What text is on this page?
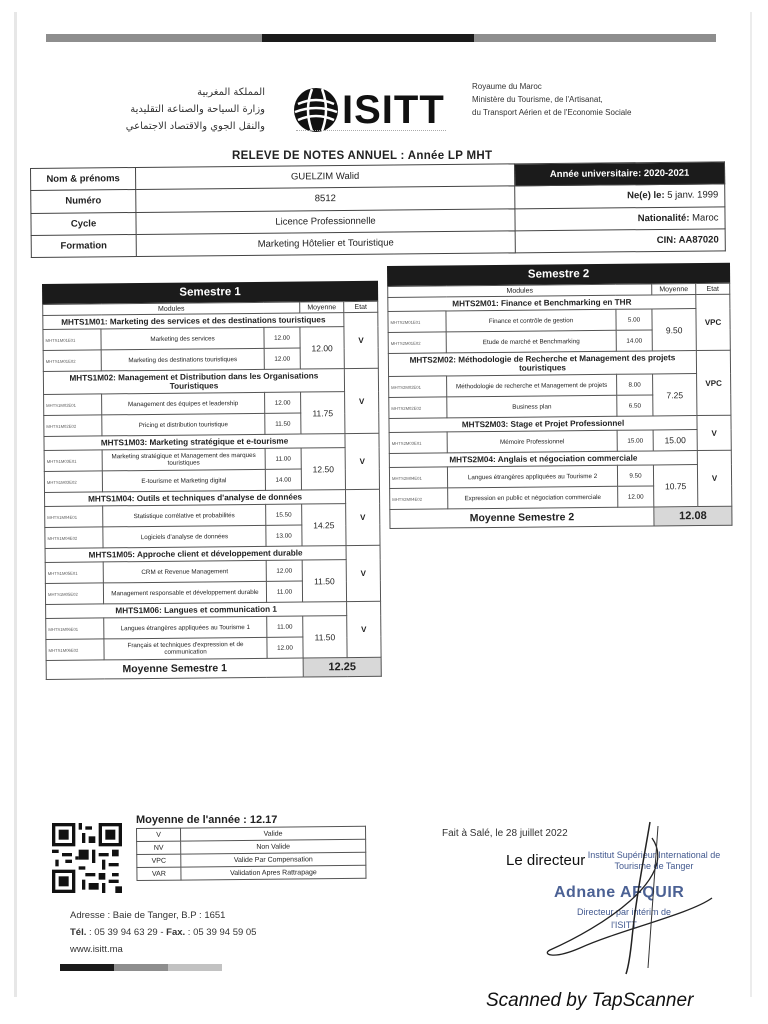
المملكة المغربية
وزارة السياحة والصناعة التقليدية
والنقل الجوي والاقتصاد الاجتماعي ISITT
Royaume du Maroc
Ministère du Tourisme, de l'Artisanat,
du Transport Aérien et de l'Economie Sociale
RELEVE DE NOTES ANNUEL : Année LP MHT
Nom & prénoms	GUELZIM Walid	Année universitaire: 2020-2021
Numéro	8512	Ne(e) le: 5 janv. 1999
Cycle	Licence Professionnelle	Nationalité: Maroc
Formation	Marketing Hôtelier et Touristique	CIN: AA87020
Semestre 1
Modules			Moyenne	Etat
MHTS1M01: Marketing des services et des destinations touristiques				V
MHTS1M01E01	Marketing des services	12.00	12.00	
MHTS1M01E02	Marketing des destinations touristiques	12.00		
MHTS1M02: Management et Distribution dans les Organisations Touristiques				V
MHTS1M02E01	Management des équipes et leadership	12.00	11.75	
MHTS1M02E02	Pricing et distribution touristique	11.50		
MHTS1M03: Marketing stratégique et e-tourisme				V
MHTS1M03E01	Marketing stratégique et Management des marques touristiques	11.00	12.50	
MHTS1M03E02	E-tourisme et Marketing digital	14.00		
MHTS1M04: Outils et techniques d'analyse de données				V
MHTS1M04E01	Statistique corrélative et probabilités	15.50	14.25	
MHTS1M04E02	Logiciels d'analyse de données	13.00		
MHTS1M05: Approche client et développement durable				V
MHTS1M05E01	CRM et Revenue Management	12.00	11.50	
MHTS1M05E02	Management responsable et développement durable	11.00		
MHTS1M06: Langues et communication 1				V
MHTS1M06E01	Langues étrangères appliquées au Tourisme 1	11.00	11.50	
MHTS1M06E02	Français et techniques d'expression et de communication	12.00		
Moyenne Semestre 1			12.25	
Semestre 2
Modules			Moyenne	Etat
MHTS2M01: Finance et Benchmarking en THR				VPC
MHTS2M01E01	Finance et contrôle de gestion	5.00	9.50	
MHTS2M01E02	Etude de marché et Benchmarking	14.00		
MHTS2M02: Méthodologie de Recherche et Management des projets touristiques				VPC
MHTS2M02E01	Méthodologie de recherche et Management de projets	8.00	7.25	
MHTS2M02E02	Business plan	6.50		
MHTS2M03: Stage et Projet Professionnel				V
MHTS2M03E01	Mémoire Professionnel	15.00	15.00	
MHTS2M04: Anglais et négociation commerciale				V
MHTS2M04E01	Langues étrangères appliquées au Tourisme 2	9.50	10.75	
MHTS2M04E02	Expression en public et négociation commerciale	12.00		
Moyenne Semestre 2			12.08	
Moyenne de l'année : 12.17
V	Valide
NV	Non Valide
VPC	Valide Par Compensation
VAR	Validation Apres Rattrapage
Adresse : Baie de Tanger, B.P : 1651
Tél. : 05 39 94 63 29 - Fax. : 05 39 94 59 05
www.isitt.ma
Fait à Salé, le 28 juillet 2022
Le directeur Institut Supérieur International de Tourisme de Tanger
Adnane AFQUIR
Directeur par intérim de l'ISITT
Scanned by TapScanner
